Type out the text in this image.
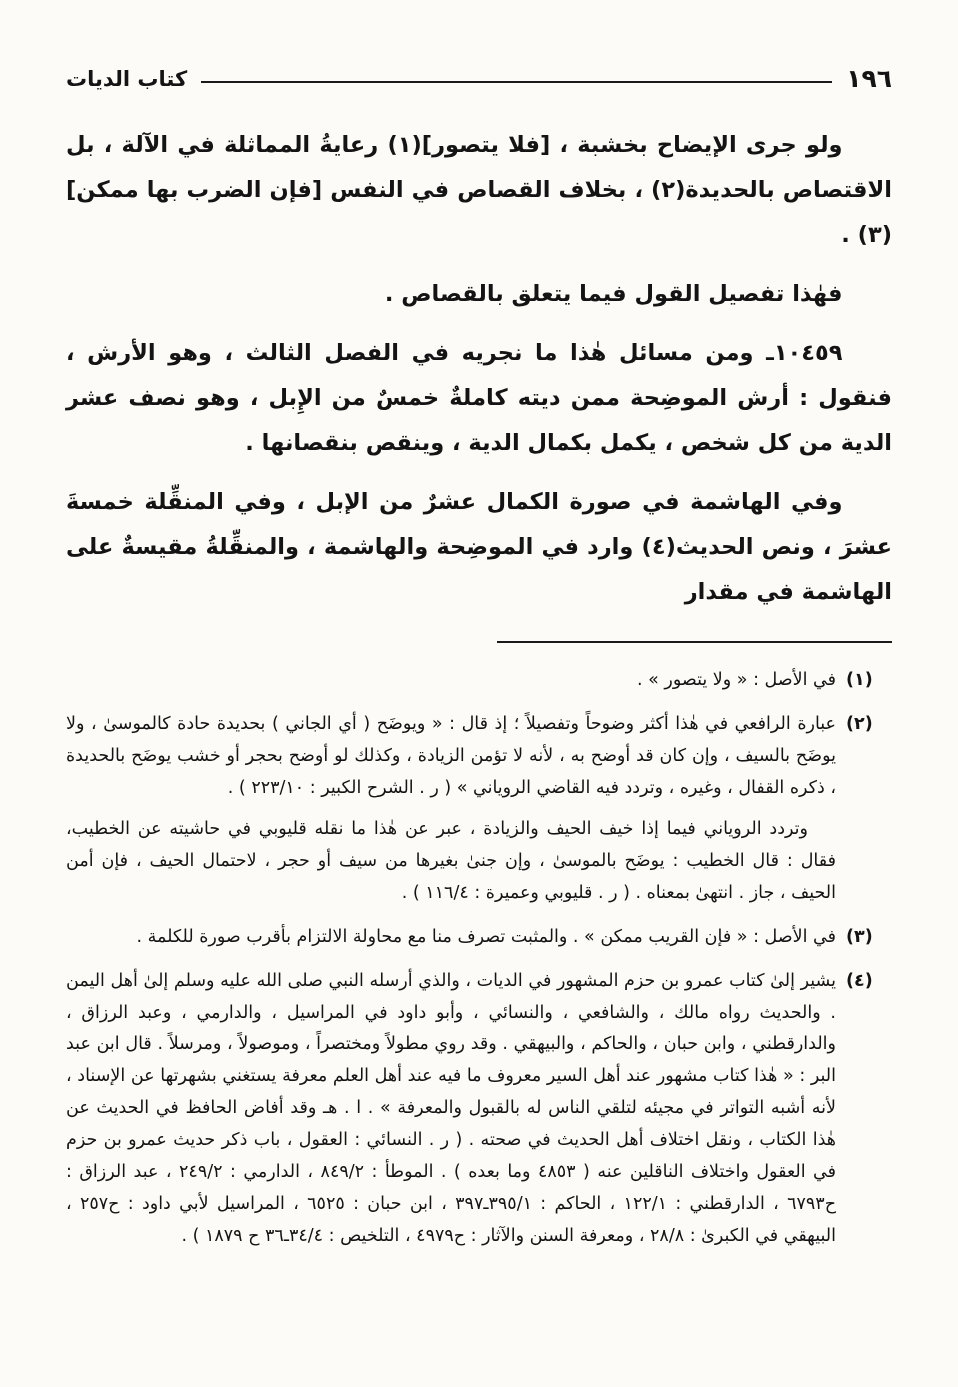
١٩٦
كتاب الديات

ولو جرى الإيضاح بخشبة ، [فلا يتصور](١) رعايةُ المماثلة في الآلة ، بل الاقتصاص بالحديدة(٢) ، بخلاف القصاص في النفس [فإن الضرب بها ممكن](٣) .

فهٰذا تفصيل القول فيما يتعلق بالقصاص .

١٠٤٥٩ـ ومن مسائل هٰذا ما نجريه في الفصل الثالث ، وهو الأرش ، فنقول : أرش الموضِحة ممن ديته كاملةٌ خمسٌ من الإِبل ، وهو نصف عشر الدية من كل شخص ، يكمل بكمال الدية ، وينقص بنقصانها .

وفي الهاشمة في صورة الكمال عشرٌ من الإبل ، وفي المنقِّلة خمسةَ عشرَ ، ونص الحديث(٤) وارد في الموضِحة والهاشمة ، والمنقِّلةُ مقيسةٌ على الهاشمة في مقدار

(١)

في الأصل : « ولا يتصور » .

(٢)

عبارة الرافعي في هٰذا أكثر وضوحاً وتفصيلاً ؛ إذ قال : « ويوضَح ( أي الجاني ) بحديدة حادة كالموسىٰ ، ولا يوضَح بالسيف ، وإن كان قد أوضح به ، لأنه لا تؤمن الزيادة ، وكذلك لو أوضح بحجر أو خشب يوضَح بالحديدة ، ذكره القفال ، وغيره ، وتردد فيه القاضي الروياني » ( ر . الشرح الكبير : ٢٢٣/١٠ ) .

وتردد الروياني فيما إذا خيف الحيف والزيادة ، عبر عن هٰذا ما نقله قليوبي في حاشيته عن الخطيب، فقال : قال الخطيب : يوضَح بالموسىٰ ، وإن جنىٰ بغيرها من سيف أو حجر ، لاحتمال الحيف ، فإن أمن الحيف ، جاز . انتهىٰ بمعناه . ( ر . قليوبي وعميرة : ١١٦/٤ ) .

(٣)

في الأصل : « فإن القريب ممكن » . والمثبت تصرف منا مع محاولة الالتزام بأقرب صورة للكلمة .

(٤)

يشير إلىٰ كتاب عمرو بن حزم المشهور في الديات ، والذي أرسله النبي صلى الله عليه وسلم إلىٰ أهل اليمن . والحديث رواه مالك ، والشافعي ، والنسائي ، وأبو داود في المراسيل ، والدارمي ، وعبد الرزاق ، والدارقطني ، وابن حبان ، والحاكم ، والبيهقي . وقد روي مطولاً ومختصراً ، وموصولاً ، ومرسلاً . قال ابن عبد البر : « هٰذا كتاب مشهور عند أهل السير معروف ما فيه عند أهل العلم معرفة يستغني بشهرتها عن الإسناد ، لأنه أشبه التواتر في مجيئه لتلقي الناس له بالقبول والمعرفة » . ا . هـ وقد أفاض الحافظ في الحديث عن هٰذا الكتاب ، ونقل اختلاف أهل الحديث في صحته . ( ر . النسائي : العقول ، باب ذكر حديث عمرو بن حزم في العقول واختلاف الناقلين عنه ( ٤٨٥٣ وما بعده ) . الموطأ : ٨٤٩/٢ ، الدارمي : ٢٤٩/٢ ، عبد الرزاق : ح٦٧٩٣ ، الدارقطني : ١٢٢/١ ، الحاكم : ٣٩٥/١ـ٣٩٧ ، ابن حبان : ٦٥٢٥ ، المراسيل لأبي داود : ح٢٥٧ ، البيهقي في الكبرىٰ : ٢٨/٨ ، ومعرفة السنن والآثار : ح٤٩٧٩ ، التلخيص : ٣٤/٤ـ٣٦ ح ١٨٧٩ ) .
